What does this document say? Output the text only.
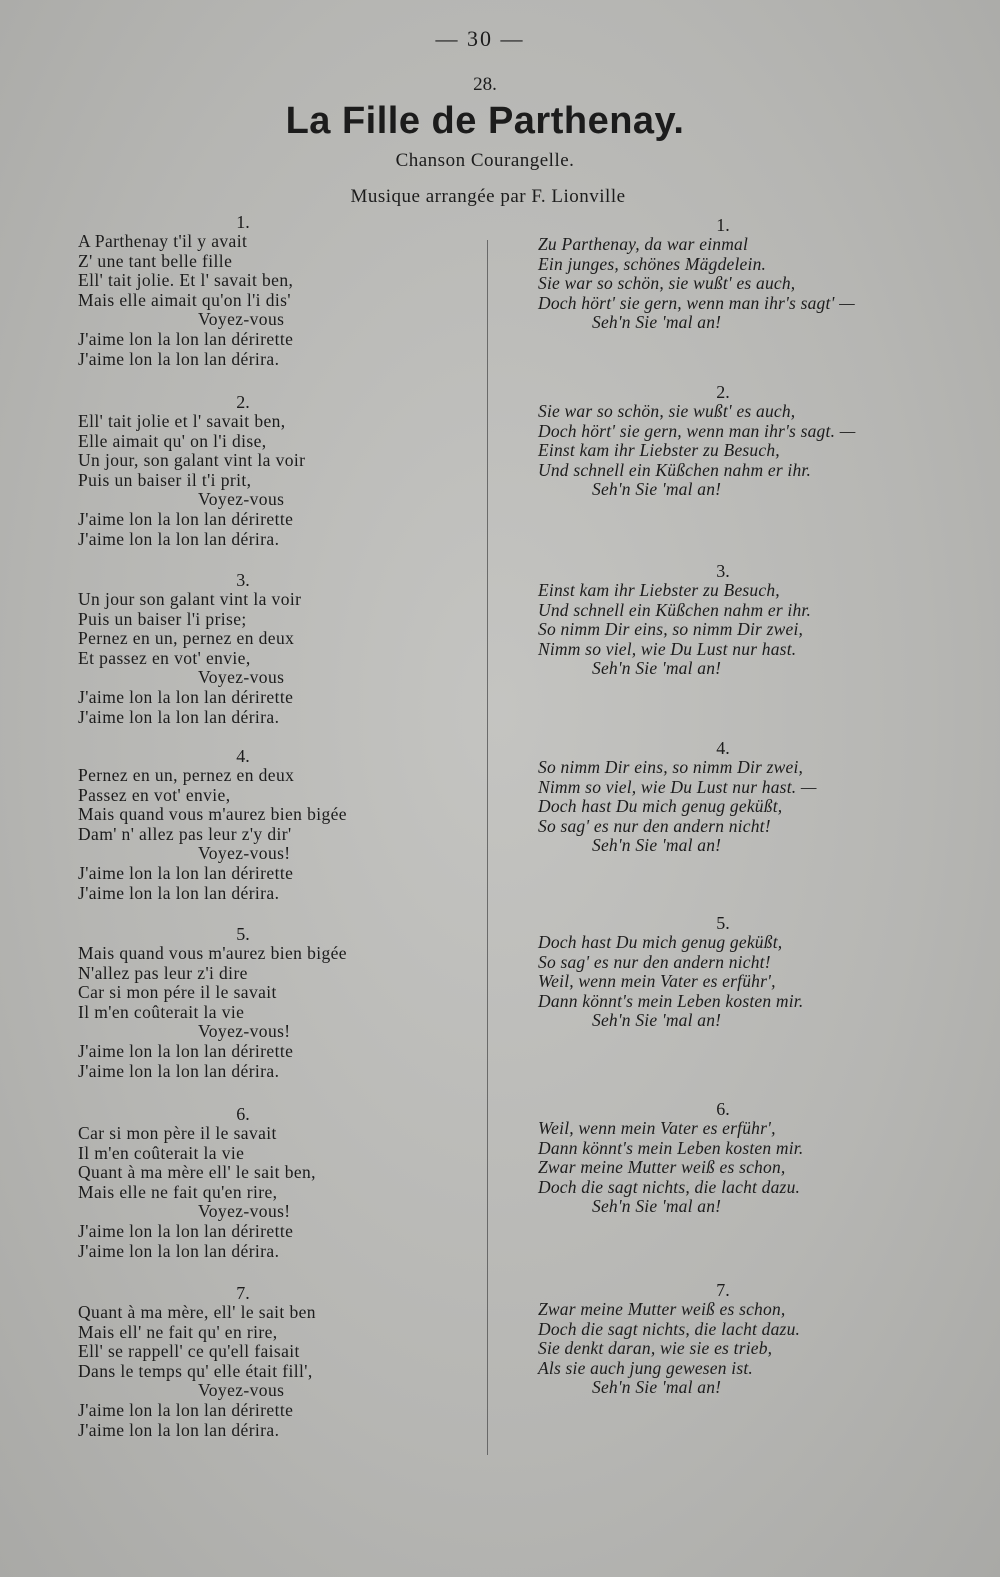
— 30 —
28.
La Fille de Parthenay.
Chanson Courangelle.
Musique arrangée par F. Lionville
1.
A Parthenay t'il y avait
Z' une tant belle fille
Ell' tait jolie. Et l' savait ben,
Mais elle aimait qu'on l'i dis'
Voyez-vous
J'aime lon la lon lan dérirette
J'aime lon la lon lan dérira.
2.
Ell' tait jolie et l' savait ben,
Elle aimait qu' on l'i dise,
Un jour, son galant vint la voir
Puis un baiser il t'i prit,
Voyez-vous
J'aime lon la lon lan dérirette
J'aime lon la lon lan dérira.
3.
Un jour son galant vint la voir
Puis un baiser l'i prise;
Pernez en un, pernez en deux
Et passez en vot' envie,
Voyez-vous
J'aime lon la lon lan dérirette
J'aime lon la lon lan dérira.
4.
Pernez en un, pernez en deux
Passez en vot' envie,
Mais quand vous m'aurez bien bigée
Dam' n' allez pas leur z'y dir'
Voyez-vous!
J'aime lon la lon lan dérirette
J'aime lon la lon lan dérira.
5.
Mais quand vous m'aurez bien bigée
N'allez pas leur z'i dire
Car si mon pére il le savait
Il m'en coûterait la vie
Voyez-vous!
J'aime lon la lon lan dérirette
J'aime lon la lon lan dérira.
6.
Car si mon père il le savait
Il m'en coûterait la vie
Quant à ma mère ell' le sait ben,
Mais elle ne fait qu'en rire,
Voyez-vous!
J'aime lon la lon lan dérirette
J'aime lon la lon lan dérira.
7.
Quant à ma mère, ell' le sait ben
Mais ell' ne fait qu' en rire,
Ell' se rappell' ce qu'ell faisait
Dans le temps qu' elle était fill',
Voyez-vous
J'aime lon la lon lan dérirette
J'aime lon la lon lan dérira.
1.
Zu Parthenay, da war einmal
Ein junges, schönes Mägdelein.
Sie war so schön, sie wußt' es auch,
Doch hört' sie gern, wenn man ihr's sagt' —
Seh'n Sie 'mal an!
2.
Sie war so schön, sie wußt' es auch,
Doch hört' sie gern, wenn man ihr's sagt. —
Einst kam ihr Liebster zu Besuch,
Und schnell ein Küßchen nahm er ihr.
Seh'n Sie 'mal an!
3.
Einst kam ihr Liebster zu Besuch,
Und schnell ein Küßchen nahm er ihr.
So nimm Dir eins, so nimm Dir zwei,
Nimm so viel, wie Du Lust nur hast.
Seh'n Sie 'mal an!
4.
So nimm Dir eins, so nimm Dir zwei,
Nimm so viel, wie Du Lust nur hast. —
Doch hast Du mich genug geküßt,
So sag' es nur den andern nicht!
Seh'n Sie 'mal an!
5.
Doch hast Du mich genug geküßt,
So sag' es nur den andern nicht!
Weil, wenn mein Vater es erführ',
Dann könnt's mein Leben kosten mir.
Seh'n Sie 'mal an!
6.
Weil, wenn mein Vater es erführ',
Dann könnt's mein Leben kosten mir.
Zwar meine Mutter weiß es schon,
Doch die sagt nichts, die lacht dazu.
Seh'n Sie 'mal an!
7.
Zwar meine Mutter weiß es schon,
Doch die sagt nichts, die lacht dazu.
Sie denkt daran, wie sie es trieb,
Als sie auch jung gewesen ist.
Seh'n Sie 'mal an!
